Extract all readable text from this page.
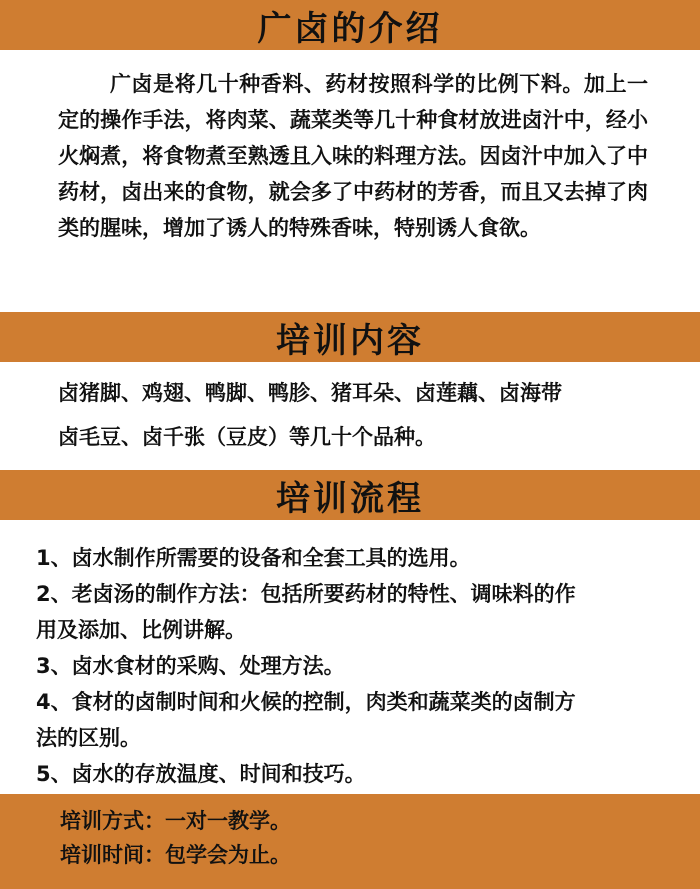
广卤的介绍

广卤是将几十种香料、药材按照科学的比例下料。加上一定的操作手法，将肉菜、蔬菜类等几十种食材放进卤汁中，经小火焖煮，将食物煮至熟透且入味的料理方法。因卤汁中加入了中药材，卤出来的食物，就会多了中药材的芳香，而且又去掉了肉类的腥味，增加了诱人的特殊香味，特别诱人食欲。

培训内容

卤猪脚、鸡翅、鸭脚、鸭胗、猪耳朵、卤莲藕、卤海带

卤毛豆、卤千张（豆皮）等几十个品种。

培训流程

1、卤水制作所需要的设备和全套工具的选用。

2、老卤汤的制作方法：包括所要药材的特性、调味料的作

用及添加、比例讲解。

3、卤水食材的采购、处理方法。

4、食材的卤制时间和火候的控制，肉类和蔬菜类的卤制方

法的区别。

5、卤水的存放温度、时间和技巧。

培训方式：一对一教学。

培训时间：包学会为止。
